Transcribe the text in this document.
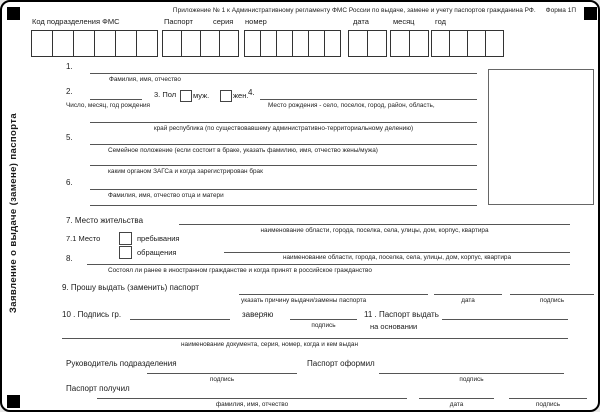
Приложение № 1 к Административному регламенту ФМС России по выдаче, замене и учету паспортов гражданина РФ. Форма 1П
Код подразделения ФМС	Паспорт	серия номер	дата	месяц	год
Заявление о выдаче (замене) паспорта
1.
Фамилия, имя, отчество
2.
Число, месяц, год рождения
3. Пол муж.	жен. 4.
Место рождения - село, поселок, город, район, область,
край республика (по существовавшему административно-территориальному делению)
5.
Семейное положение (если состоит в браке, указать фамилию, имя, отчество жены/мужа)
каким органом ЗАГСа и когда зарегистрирован брак
6.
Фамилия, имя, отчество отца и матери
7. Место жительства
наименование области, города, поселка, села, улицы, дом, корпус, квартира
7.1 Место	пребывания
обращения
наименование области, города, поселка, села, улицы, дом, корпус, квартира
8.
Состоял ли ранее в иностранном гражданстве и когда принят в российское гражданство
9. Прошу выдать (заменить) паспорт
указать причину выдачи/замены паспорта	дата	подпись
10 . Подпись гр.	заверяю
подпись
11 . Паспорт выдать
на основании
наименование документа, серия, номер, когда и кем выдан
Руководитель подразделения
подпись
Паспорт оформил
подпись
Паспорт получил
фамилия, имя, отчество	дата	подпись
